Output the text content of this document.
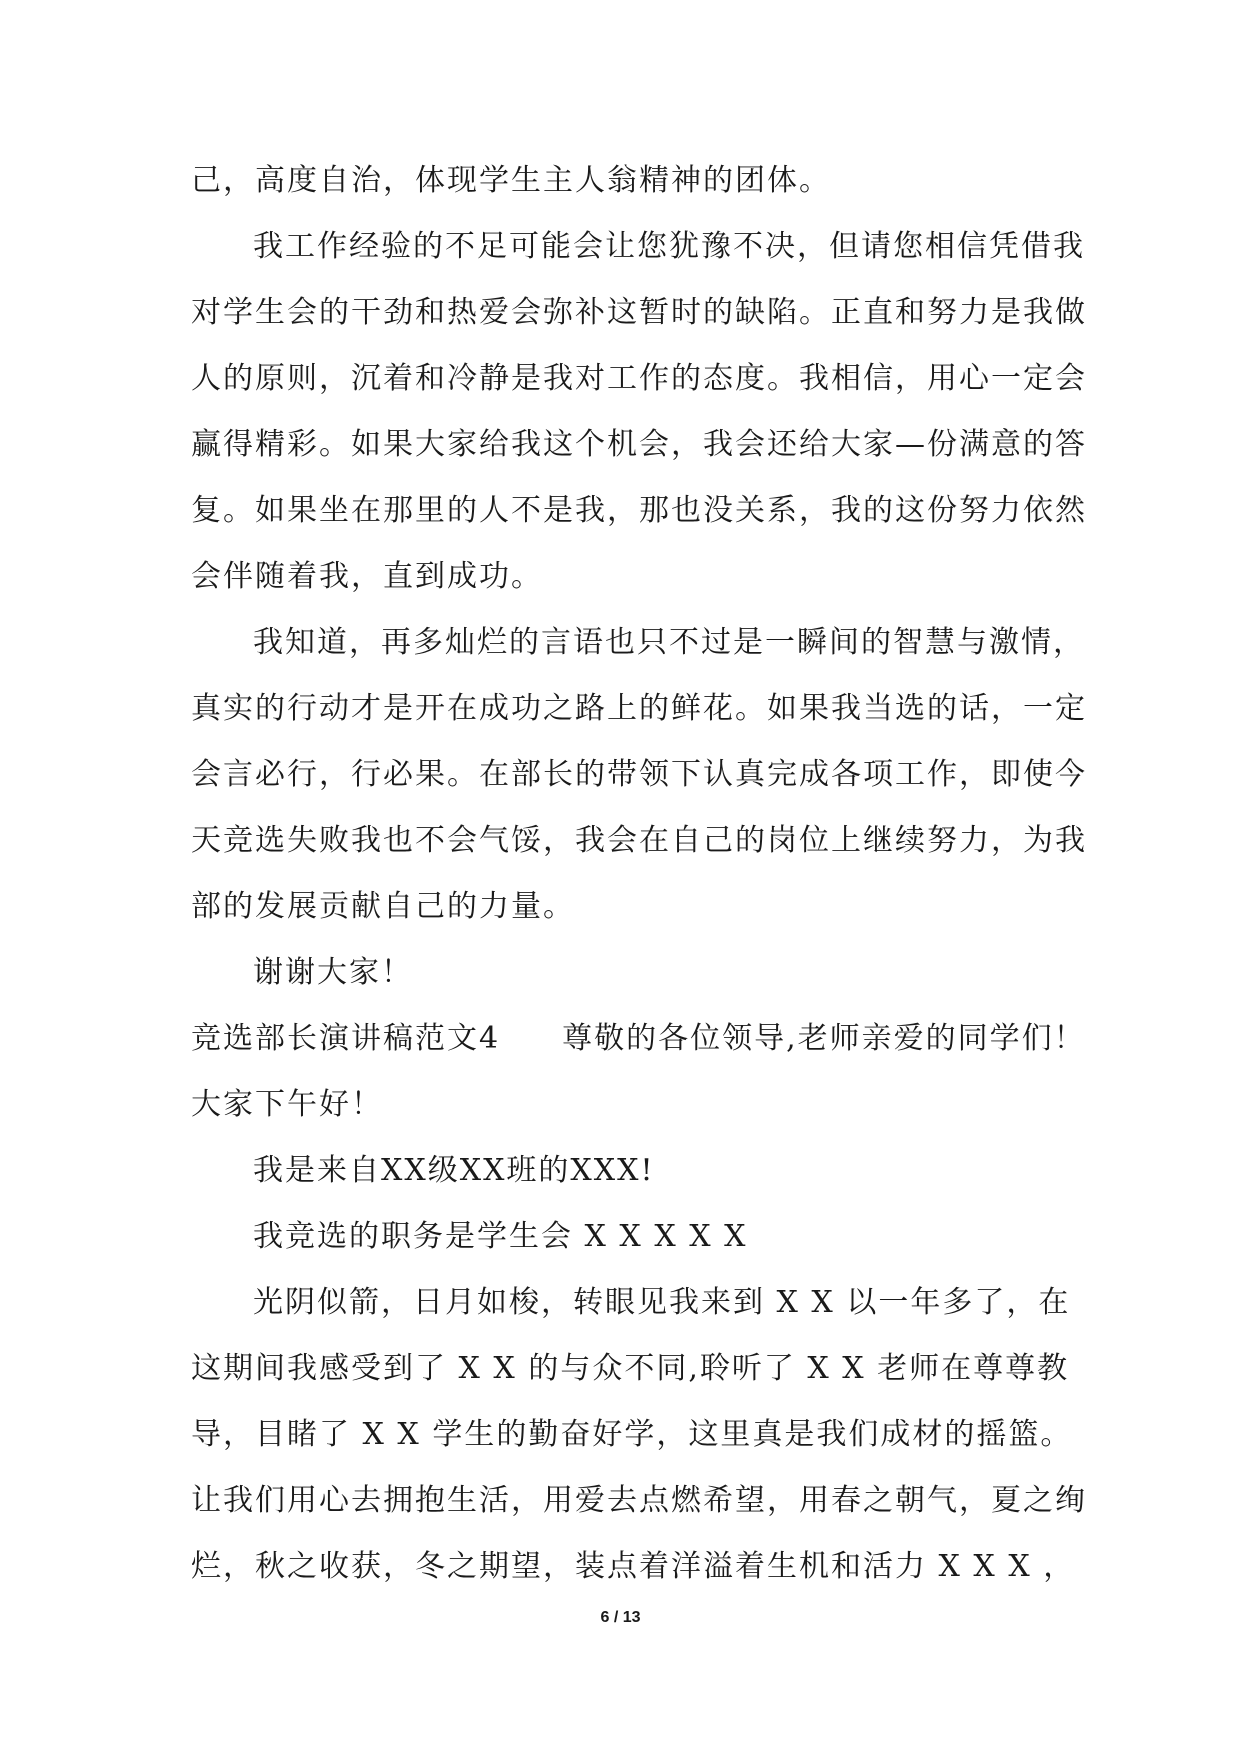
己，高度自治，体现学生主人翁精神的团体。
我工作经验的不足可能会让您犹豫不决，但请您相信凭借我
对学生会的干劲和热爱会弥补这暂时的缺陷。正直和努力是我做
人的原则，沉着和冷静是我对工作的态度。我相信，用心一定会
赢得精彩。如果大家给我这个机会，我会还给大家—份满意的答
复。如果坐在那里的人不是我，那也没关系，我的这份努力依然
会伴随着我，直到成功。
我知道，再多灿烂的言语也只不过是一瞬间的智慧与激情，
真实的行动才是开在成功之路上的鲜花。如果我当选的话，一定
会言必行，行必果。在部长的带领下认真完成各项工作，即使今
天竞选失败我也不会气馁，我会在自己的岗位上继续努力，为我
部的发展贡献自己的力量。
谢谢大家！
竞选部长演讲稿范文4 尊敬的各位领导,老师亲爱的同学们！
大家下午好！
我是来自XX级XX班的XXX!
我竞选的职务是学生会 X X X X X
光阴似箭，日月如梭，转眼见我来到 X X 以一年多了，在
这期间我感受到了 X X 的与众不同,聆听了 X X 老师在尊尊教
导，目睹了 X X 学生的勤奋好学，这里真是我们成材的摇篮。
让我们用心去拥抱生活，用爱去点燃希望，用春之朝气，夏之绚
烂，秋之收获，冬之期望，装点着洋溢着生机和活力 X X X ，
6 / 13
